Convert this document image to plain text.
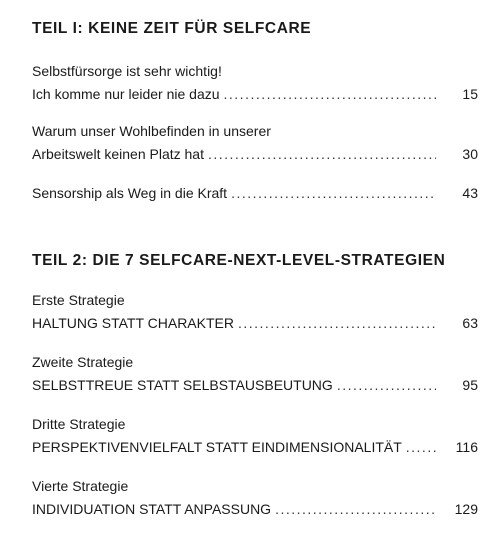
TEIL I: KEINE ZEIT FÜR SELFCARE
Selbstfürsorge ist sehr wichtig!
Ich komme nur leider nie dazu . . .	15
Warum unser Wohlbefinden in unserer
Arbeitswelt keinen Platz hat . . .	30
Sensorship als Weg in die Kraft . . .	43
TEIL 2: DIE 7 SELFCARE-NEXT-LEVEL-STRATEGIEN
Erste Strategie
HALTUNG STATT CHARAKTER . . .	63
Zweite Strategie
SELBSTTREUE STATT SELBSTAUSBEUTUNG . . .	95
Dritte Strategie
PERSPEKTIVENVIELFALT STATT EINDIMENSIONALITÄT . . .	116
Vierte Strategie
INDIVIDUATION STATT ANPASSUNG . . .	129
